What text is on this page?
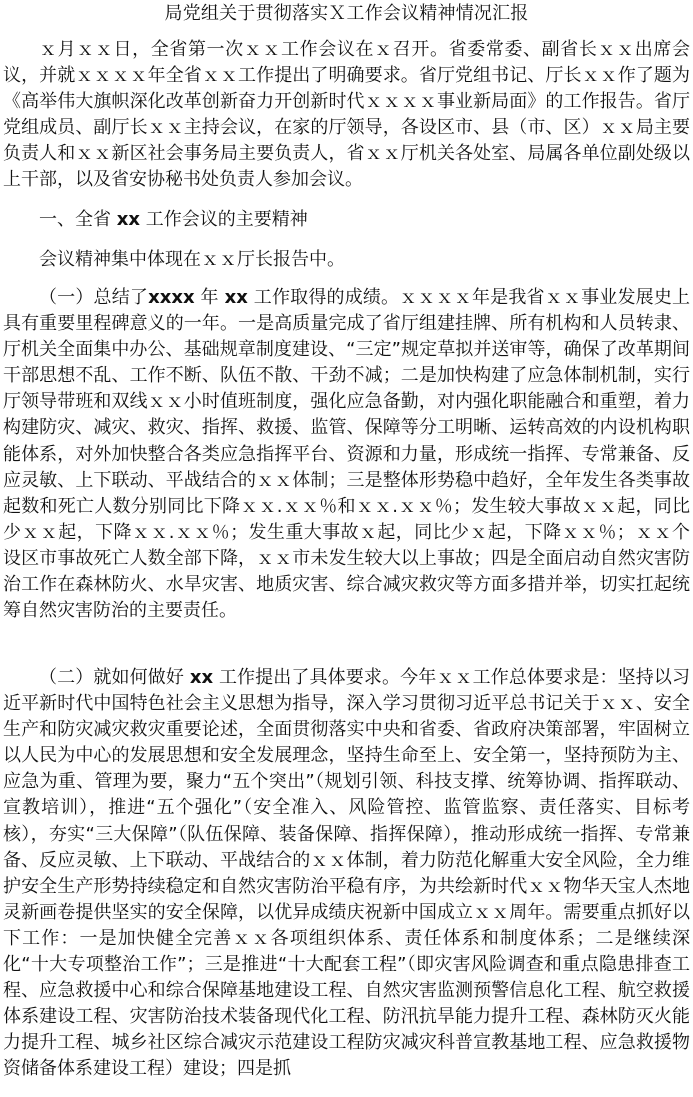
局党组关于贯彻落实Ｘ工作会议精神情况汇报

ｘ月ｘｘ日，全省第一次ｘｘ工作会议在ｘ召开。省委常委、副省长ｘｘ出席会议，并就ｘｘｘｘ年全省ｘｘ工作提出了明确要求。省厅党组书记、厅长ｘｘ作了题为《高举伟大旗帜深化改革创新奋力开创新时代ｘｘｘｘ事业新局面》的工作报告。省厅党组成员、副厅长ｘｘ主持会议，在家的厅领导，各设区市、县（市、区）ｘｘ局主要负责人和ｘｘ新区社会事务局主要负责人，省ｘｘ厅机关各处室、局属各单位副处级以上干部，以及省安协秘书处负责人参加会议。

一、全省 xx 工作会议的主要精神

会议精神集中体现在ｘｘ厅长报告中。

（一）总结了xxxx 年 xx 工作取得的成绩。ｘｘｘｘ年是我省ｘｘ事业发展史上具有重要里程碑意义的一年。一是高质量完成了省厅组建挂牌、所有机构和人员转隶、厅机关全面集中办公、基础规章制度建设、“三定”规定草拟并送审等，确保了改革期间干部思想不乱、工作不断、队伍不散、干劲不减；二是加快构建了应急体制机制，实行厅领导带班和双线ｘｘ小时值班制度，强化应急备勤，对内强化职能融合和重塑，着力构建防灾、减灾、救灾、指挥、救援、监管、保障等分工明晰、运转高效的内设机构职能体系，对外加快整合各类应急指挥平台、资源和力量，形成统一指挥、专常兼备、反应灵敏、上下联动、平战结合的ｘｘ体制；三是整体形势稳中趋好，全年发生各类事故起数和死亡人数分别同比下降ｘｘ.ｘｘ％和ｘｘ.ｘｘ％；发生较大事故ｘｘ起，同比少ｘｘ起，下降ｘｘ.ｘｘ％；发生重大事故ｘ起，同比少ｘ起，下降ｘｘ％；ｘｘ个设区市事故死亡人数全部下降，ｘｘ市未发生较大以上事故；四是全面启动自然灾害防治工作在森林防火、水旱灾害、地质灾害、综合减灾救灾等方面多措并举，切实扛起统筹自然灾害防治的主要责任。

（二）就如何做好 xx 工作提出了具体要求。今年ｘｘ工作总体要求是：坚持以习近平新时代中国特色社会主义思想为指导，深入学习贯彻习近平总书记关于ｘｘ、安全生产和防灾减灾救灾重要论述，全面贯彻落实中央和省委、省政府决策部署，牢固树立以人民为中心的发展思想和安全发展理念，坚持生命至上、安全第一，坚持预防为主、应急为重、管理为要，聚力“五个突出”（规划引领、科技支撑、统筹协调、指挥联动、宣教培训），推进“五个强化”（安全准入、风险管控、监管监察、责任落实、目标考核），夯实“三大保障”（队伍保障、装备保障、指挥保障），推动形成统一指挥、专常兼备、反应灵敏、上下联动、平战结合的ｘｘ体制，着力防范化解重大安全风险，全力维护安全生产形势持续稳定和自然灾害防治平稳有序，为共绘新时代ｘｘ物华天宝人杰地灵新画卷提供坚实的安全保障，以优异成绩庆祝新中国成立ｘｘ周年。需要重点抓好以下工作：一是加快健全完善ｘｘ各项组织体系、责任体系和制度体系；二是继续深化“十大专项整治工作”；三是推进“十大配套工程”（即灾害风险调查和重点隐患排查工程、应急救援中心和综合保障基地建设工程、自然灾害监测预警信息化工程、航空救援体系建设工程、灾害防治技术装备现代化工程、防汛抗旱能力提升工程、森林防灭火能力提升工程、城乡社区综合减灾示范建设工程防灾减灾科普宣教基地工程、应急救援物资储备体系建设工程）建设；四是抓
